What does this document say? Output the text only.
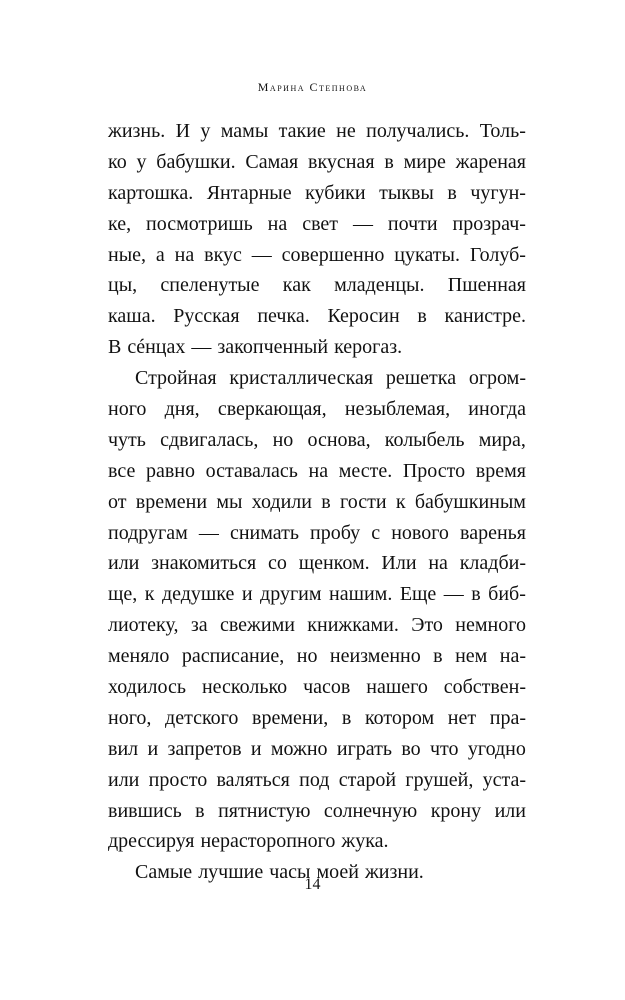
Марина Степнова
жизнь. И у мамы такие не получались. Толь-
ко у бабушки. Самая вкусная в мире жареная
картошка. Янтарные кубики тыквы в чугун-
ке, посмотришь на свет — почти прозрач-
ные, а на вкус — совершенно цукаты. Голуб-
цы, спеленутые как младенцы. Пшенная
каша. Русская печка. Керосин в канистре.
В сéнцах — закопченный керогаз.
Стройная кристаллическая решетка огром-
ного дня, сверкающая, незыблемая, иногда
чуть сдвигалась, но основа, колыбель мира,
все равно оставалась на месте. Просто время
от времени мы ходили в гости к бабушкиным
подругам — снимать пробу с нового варенья
или знакомиться со щенком. Или на кладби-
ще, к дедушке и другим нашим. Еще — в биб-
лиотеку, за свежими книжками. Это немного
меняло расписание, но неизменно в нем на-
ходилось несколько часов нашего собствен-
ного, детского времени, в котором нет пра-
вил и запретов и можно играть во что угодно
или просто валяться под старой грушей, уста-
вившись в пятнистую солнечную крону или
дрессируя нерасторопного жука.
Самые лучшие часы моей жизни.
14
